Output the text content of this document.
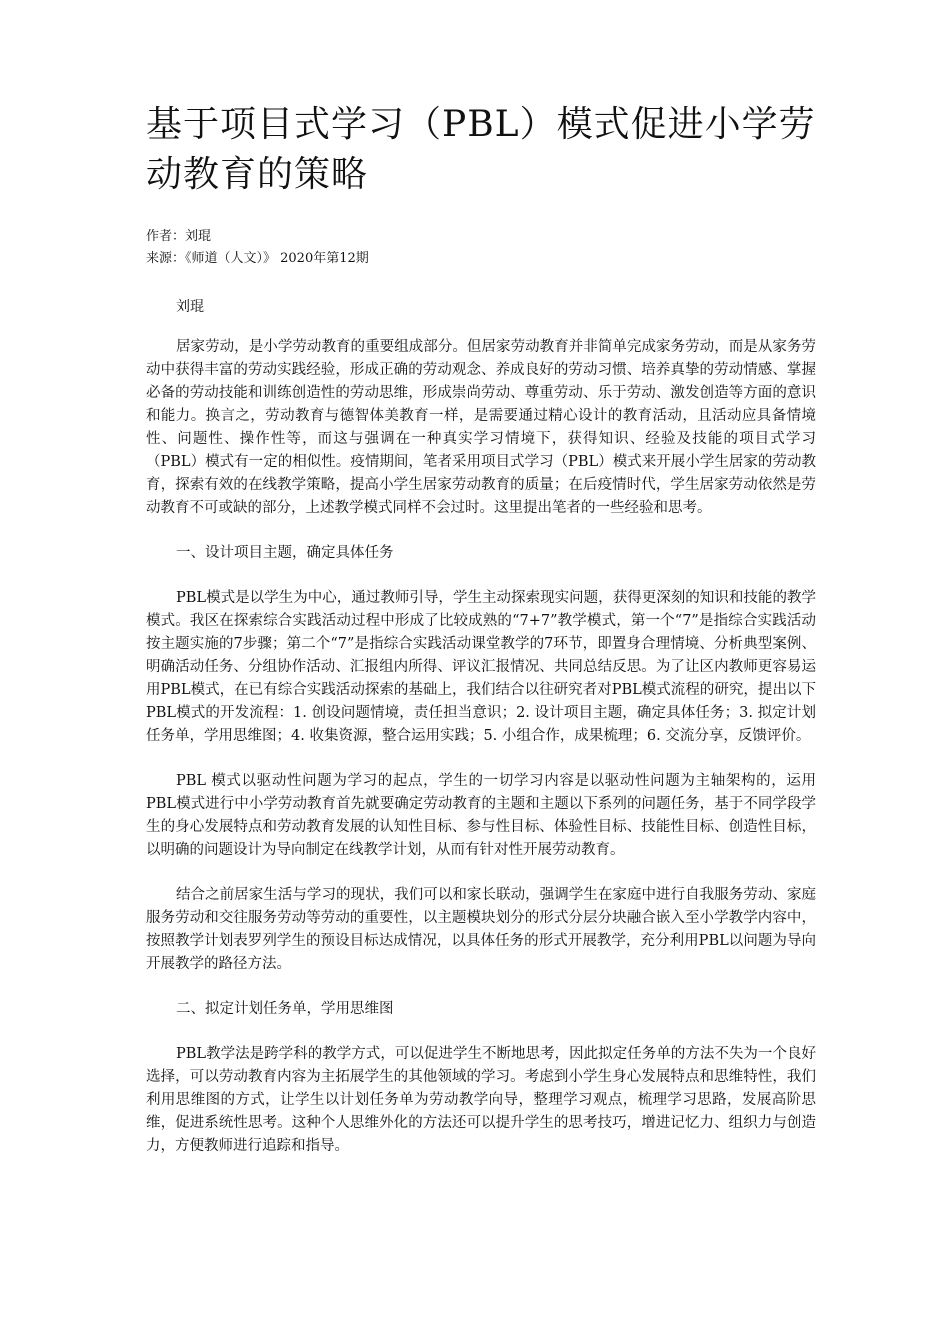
基于项目式学习（PBL）模式促进小学劳动教育的策略
作者：刘琨
来源：《师道（人文）》 2020年第12期
刘琨

居家劳动，是小学劳动教育的重要组成部分。但居家劳动教育并非简单完成家务劳动，而是从家务劳动中获得丰富的劳动实践经验，形成正确的劳动观念、养成良好的劳动习惯、培养真挚的劳动情感、掌握必备的劳动技能和训练创造性的劳动思维，形成崇尚劳动、尊重劳动、乐于劳动、激发创造等方面的意识和能力。换言之，劳动教育与德智体美教育一样，是需要通过精心设计的教育活动，且活动应具备情境性、问题性、操作性等，而这与强调在一种真实学习情境下，获得知识、经验及技能的项目式学习（PBL）模式有一定的相似性。疫情期间，笔者采用项目式学习（PBL）模式来开展小学生居家的劳动教育，探索有效的在线教学策略，提高小学生居家劳动教育的质量；在后疫情时代，学生居家劳动依然是劳动教育不可或缺的部分，上述教学模式同样不会过时。这里提出笔者的一些经验和思考。

一、设计项目主题，确定具体任务

PBL模式是以学生为中心，通过教师引导，学生主动探索现实问题，获得更深刻的知识和技能的教学模式。我区在探索综合实践活动过程中形成了比较成熟的“7+7”教学模式，第一个“7”是指综合实践活动按主题实施的7步骤；第二个“7”是指综合实践活动课堂教学的7环节，即置身合理情境、分析典型案例、明确活动任务、分组协作活动、汇报组内所得、评议汇报情况、共同总结反思。为了让区内教师更容易运用PBL模式，在已有综合实践活动探索的基础上，我们结合以往研究者对PBL模式流程的研究，提出以下PBL模式的开发流程：1. 创设问题情境，责任担当意识；2. 设计项目主题，确定具体任务；3. 拟定计划任务单，学用思维图；4. 收集资源，整合运用实践；5. 小组合作，成果梳理；6. 交流分享，反馈评价。

PBL 模式以驱动性问题为学习的起点，学生的一切学习内容是以驱动性问题为主轴架构的，运用PBL模式进行中小学劳动教育首先就要确定劳动教育的主题和主题以下系列的问题任务，基于不同学段学生的身心发展特点和劳动教育发展的认知性目标、参与性目标、体验性目标、技能性目标、创造性目标，以明确的问题设计为导向制定在线教学计划，从而有针对性开展劳动教育。

结合之前居家生活与学习的现状，我们可以和家长联动，强调学生在家庭中进行自我服务劳动、家庭服务劳动和交往服务劳动等劳动的重要性，以主题模块划分的形式分层分块融合嵌入至小学教学内容中，按照教学计划表罗列学生的预设目标达成情况，以具体任务的形式开展教学，充分利用PBL以问题为导向开展教学的路径方法。

二、拟定计划任务单，学用思维图

PBL教学法是跨学科的教学方式，可以促进学生不断地思考，因此拟定任务单的方法不失为一个良好选择，可以劳动教育内容为主拓展学生的其他领域的学习。考虑到小学生身心发展特点和思维特性，我们利用思维图的方式，让学生以计划任务单为劳动教学向导，整理学习观点，梳理学习思路，发展高阶思维，促进系统性思考。这种个人思维外化的方法还可以提升学生的思考技巧，增进记忆力、组织力与创造力，方便教师进行追踪和指导。
